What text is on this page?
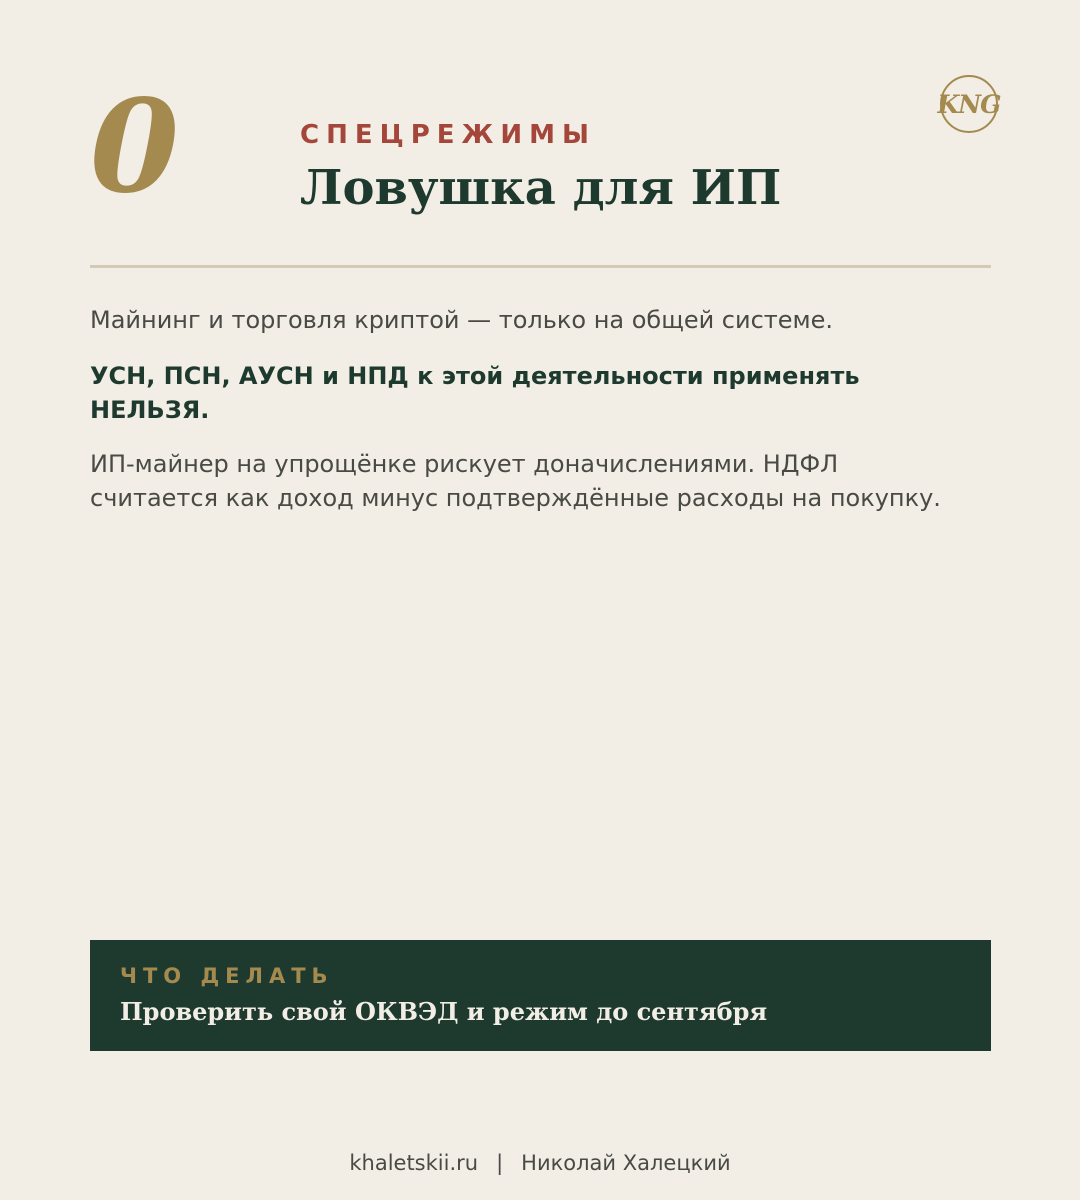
0	СПЕЦРЕЖИМЫ
Ловушка для ИП
KNG

Майнинг и торговля криптой — только на общей системе.

УСН, ПСН, АУСН и НПД к этой деятельности применять НЕЛЬЗЯ.

ИП-майнер на упрощёнке рискует доначислениями. НДФЛ считается как доход минус подтверждённые расходы на покупку.

ЧТО ДЕЛАТЬ
Проверить свой ОКВЭД и режим до сентября
khaletskii.ru | Николай Халецкий
